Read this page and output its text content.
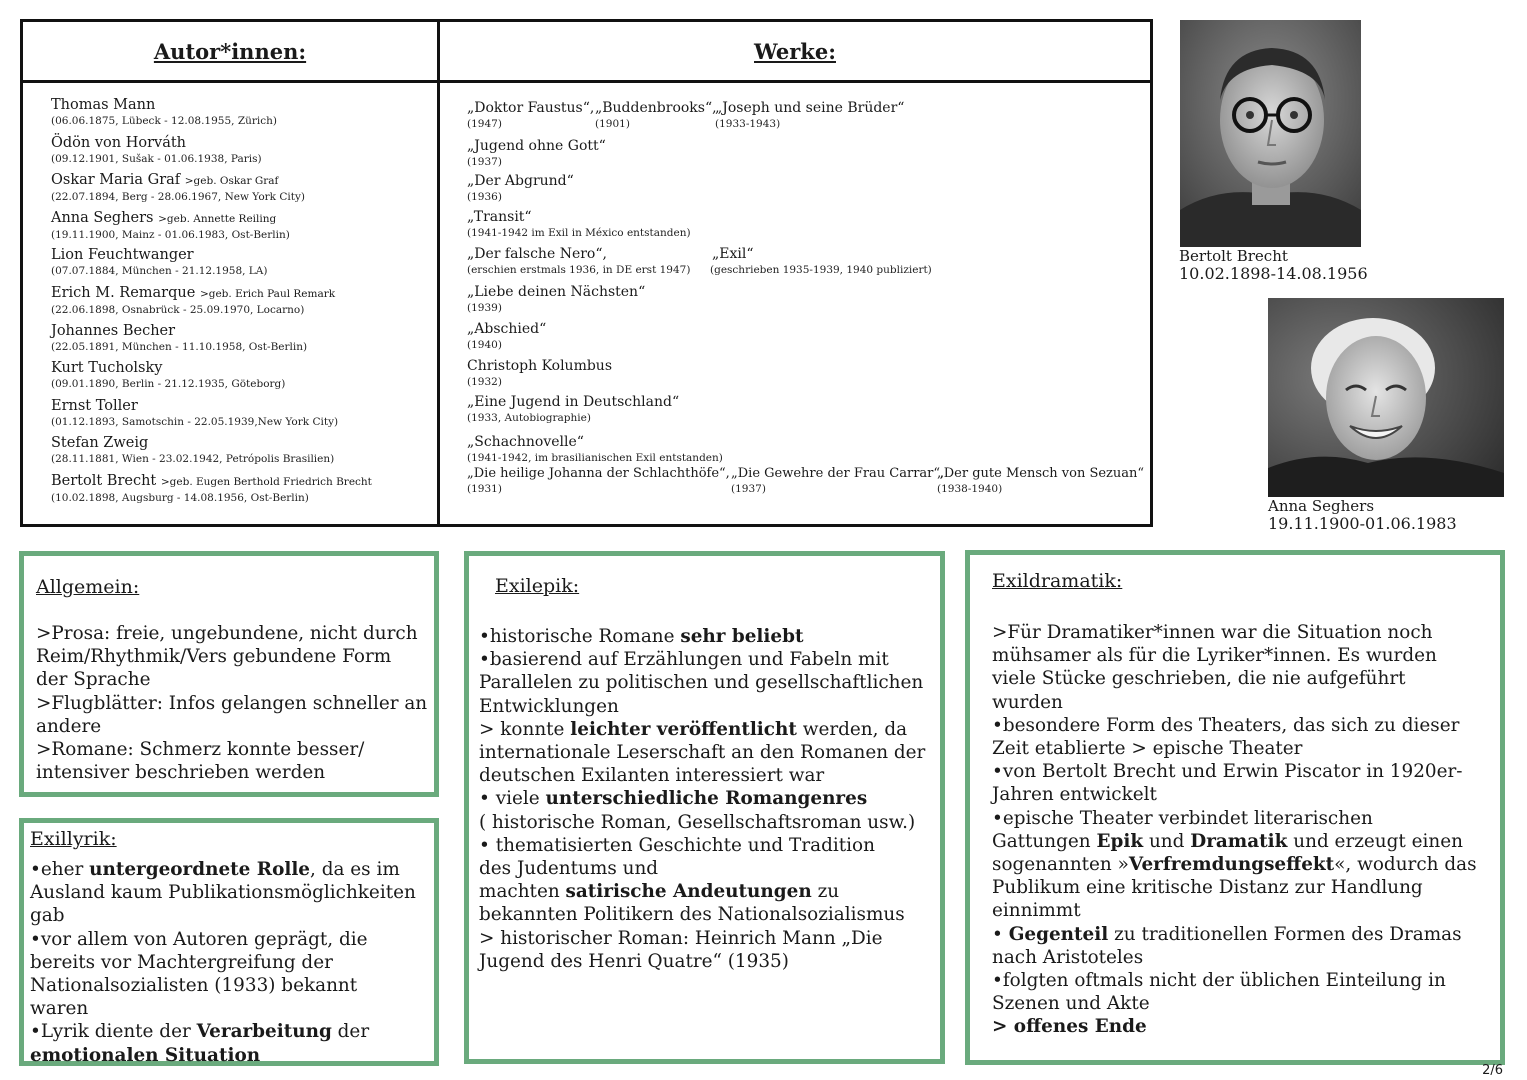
Autor*innen:	Werke:
Thomas Mann
(06.06.1875, Lübeck - 12.08.1955, Zürich)
Ödön von Horváth
(09.12.1901, Sušak - 01.06.1938, Paris)
Oskar Maria Graf >geb. Oskar Graf
(22.07.1894, Berg - 28.06.1967, New York City)
Anna Seghers >geb. Annette Reiling
(19.11.1900, Mainz - 01.06.1983, Ost-Berlin)
Lion Feuchtwanger
(07.07.1884, München - 21.12.1958, LA)
Erich M. Remarque >geb. Erich Paul Remark
(22.06.1898, Osnabrück - 25.09.1970, Locarno)
Johannes Becher
(22.05.1891, München - 11.10.1958, Ost-Berlin)
Kurt Tucholsky
(09.01.1890, Berlin - 21.12.1935, Göteborg)
Ernst Toller
(01.12.1893, Samotschin - 22.05.1939,New York City)
Stefan Zweig
(28.11.1881, Wien - 23.02.1942, Petrópolis Brasilien)
Bertolt Brecht >geb. Eugen Berthold Friedrich Brecht
(10.02.1898, Augsburg - 14.08.1956, Ost-Berlin)
„Doktor Faustus“,
(1947)
„Buddenbrooks“,
(1901)
„Joseph und seine Brüder“
(1933-1943)
„Jugend ohne Gott“
(1937)
„Der Abgrund“
(1936)
„Transit“
(1941-1942 im Exil in México entstanden)
„Der falsche Nero“,
(erschien erstmals 1936, in DE erst 1947)
„Exil“
(geschrieben 1935-1939, 1940 publiziert)
„Liebe deinen Nächsten“
(1939)
„Abschied“
(1940)
Christoph Kolumbus
(1932)
„Eine Jugend in Deutschland“
(1933, Autobiographie)
„Schachnovelle“
(1941-1942, im brasilianischen Exil entstanden)
„Die heilige Johanna der Schlachthöfe“,
(1931)
„Die Gewehre der Frau Carrar“,
(1937)
„Der gute Mensch von Sezuan“
(1938-1940)
Bertolt Brecht
10.02.1898-14.08.1956
Anna Seghers
19.11.1900-01.06.1983
Allgemein:
>Prosa: freie, ungebundene, nicht durch
Reim/Rhythmik/Vers gebundene Form
der Sprache
>Flugblätter: Infos gelangen schneller an
andere
>Romane: Schmerz konnte besser/
intensiver beschrieben werden
Exillyrik:
•eher untergeordnete Rolle, da es im
Ausland kaum Publikationsmöglichkeiten
gab
•vor allem von Autoren geprägt, die
bereits vor Machtergreifung der
Nationalsozialisten (1933) bekannt
waren
•Lyrik diente der Verarbeitung der
emotionalen Situation
Exilepik:
•historische Romane sehr beliebt
•basierend auf Erzählungen und Fabeln mit
Parallelen zu politischen und gesellschaftlichen
Entwicklungen
> konnte leichter veröffentlicht werden, da
internationale Leserschaft an den Romanen der
deutschen Exilanten interessiert war
• viele unterschiedliche Romangenres
( historische Roman, Gesellschaftsroman usw.)
• thematisierten Geschichte und Tradition
des Judentums und
machten satirische Andeutungen zu
bekannten Politikern des Nationalsozialismus
> historischer Roman: Heinrich Mann „Die
Jugend des Henri Quatre“ (1935)
Exildramatik:
>Für Dramatiker*innen war die Situation noch
mühsamer als für die Lyriker*innen. Es wurden
viele Stücke geschrieben, die nie aufgeführt
wurden
•besondere Form des Theaters, das sich zu dieser
Zeit etablierte > epische Theater
•von Bertolt Brecht und Erwin Piscator in 1920er-
Jahren entwickelt
•epische Theater verbindet literarischen
Gattungen Epik und Dramatik und erzeugt einen
sogenannten »Verfremdungseffekt«, wodurch das
Publikum eine kritische Distanz zur Handlung
einnimmt
• Gegenteil zu traditionellen Formen des Dramas
nach Aristoteles
•folgten oftmals nicht der üblichen Einteilung in
Szenen und Akte
> offenes Ende
2/6
